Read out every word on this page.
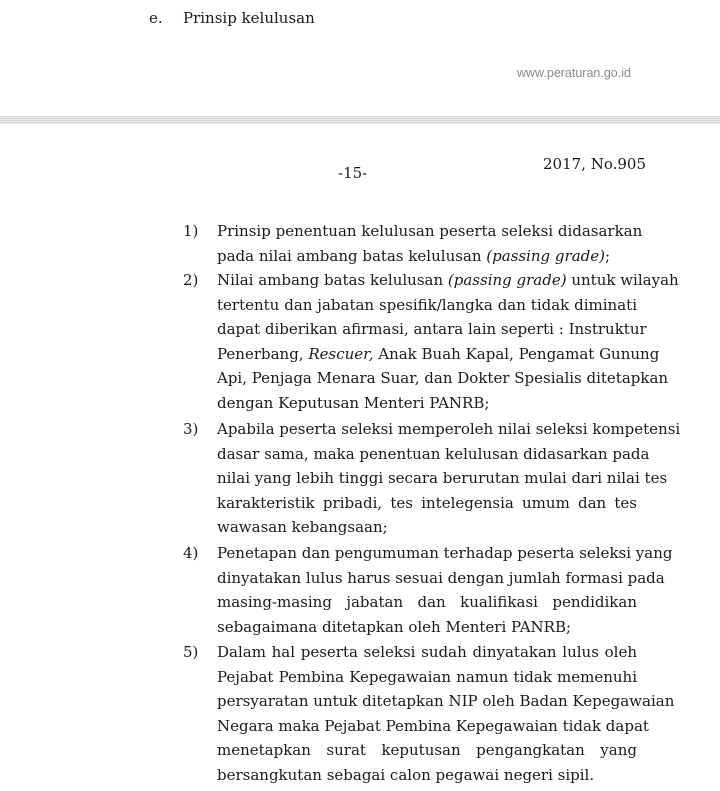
e. Prinsip kelulusan
www.peraturan.go.id
2017, No.905
-15-
1) Prinsip penentuan kelulusan peserta seleksi didasarkan
pada nilai ambang batas kelulusan (passing grade);
2) Nilai ambang batas kelulusan (passing grade) untuk wilayah
tertentu dan jabatan spesifik/langka dan tidak diminati
dapat diberikan afirmasi, antara lain seperti : Instruktur
Penerbang, Rescuer, Anak Buah Kapal, Pengamat Gunung
Api, Penjaga Menara Suar, dan Dokter Spesialis ditetapkan
dengan Keputusan Menteri PANRB;
3) Apabila peserta seleksi memperoleh nilai seleksi kompetensi
dasar sama, maka penentuan kelulusan didasarkan pada
nilai yang lebih tinggi secara berurutan mulai dari nilai tes
karakteristik pribadi, tes intelegensia umum dan tes
wawasan kebangsaan;
4) Penetapan dan pengumuman terhadap peserta seleksi yang
dinyatakan lulus harus sesuai dengan jumlah formasi pada
masing-masing jabatan dan kualifikasi pendidikan
sebagaimana ditetapkan oleh Menteri PANRB;
5) Dalam hal peserta seleksi sudah dinyatakan lulus oleh
Pejabat Pembina Kepegawaian namun tidak memenuhi
persyaratan untuk ditetapkan NIP oleh Badan Kepegawaian
Negara maka Pejabat Pembina Kepegawaian tidak dapat
menetapkan surat keputusan pengangkatan yang
bersangkutan sebagai calon pegawai negeri sipil.
